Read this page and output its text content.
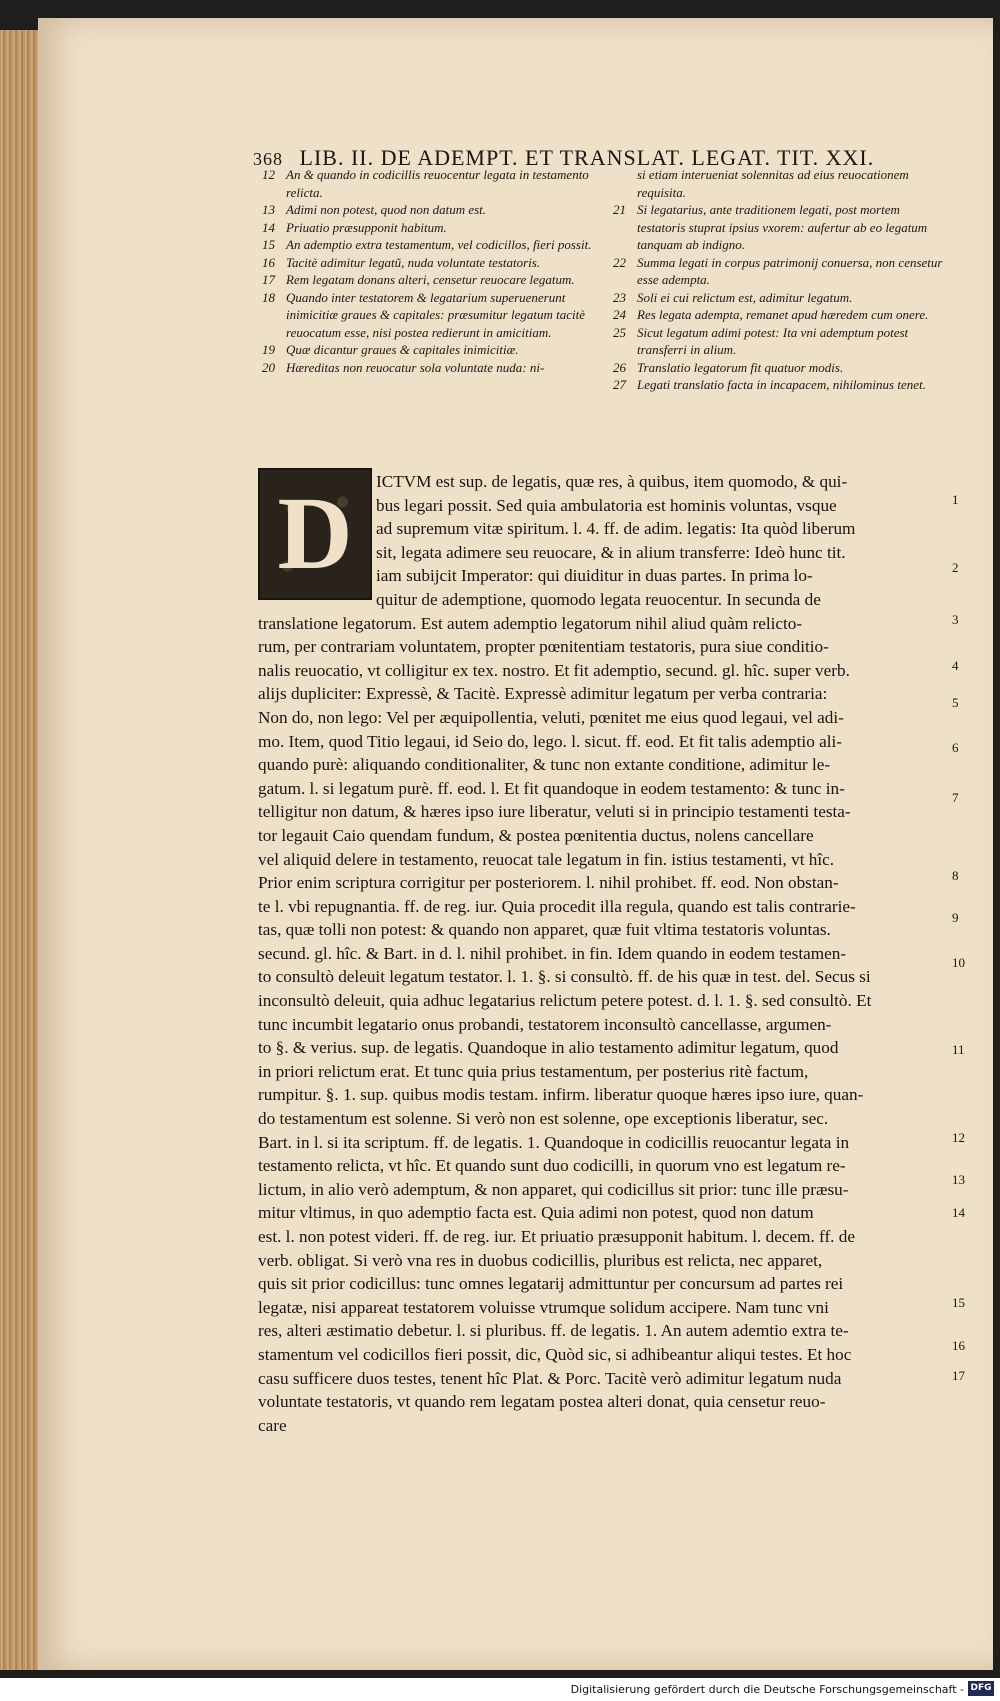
368 LIB. II. DE ADEMPT. ET TRANSLAT. LEGAT. TIT. XXI.
12 An & quando in codicillis reuocentur legata in testamento relicta.
13 Adimi non potest, quod non datum est.
14 Priuatio præsupponit habitum.
15 An ademptio extra testamentum, vel codicillos, fieri possit.
16 Tacitè adimitur legatũ, nuda voluntate testatoris.
17 Rem legatam donans alteri, censetur reuocare legatum.
18 Quando inter testatorem & legatarium superuenerunt inimicitiæ graues & capitales: præsumitur legatum tacitè reuocatum esse, nisi postea redierunt in amicitiam.
19 Quæ dicantur graues & capitales inimicitiæ.
20 Hæreditas non reuocatur sola voluntate nuda: ni-
si etiam interueniat solennitas ad eius reuocationem requisita.
21 Si legatarius, ante traditionem legati, post mortem testatoris stuprat ipsius vxorem: aufertur ab eo legatum tanquam ab indigno.
22 Summa legati in corpus patrimonij conuersa, non censetur esse adempta.
23 Soli ei cui relictum est, adimitur legatum.
24 Res legata adempta, remanet apud hæredem cum onere.
25 Sicut legatum adimi potest: Ita vni ademptum potest transferri in alium.
26 Translatio legatorum fit quatuor modis.
27 Legati translatio facta in incapacem, nihilominus tenet.
D	ICTVM est sup. de legatis, quæ res, à quibus, item quomodo, & qui-
bus legari possit. Sed quia ambulatoria est hominis voluntas, vsque
ad supremum vitæ spiritum. l. 4. ff. de adim. legatis: Ita quòd liberum
sit, legata adimere seu reuocare, & in alium transferre: Ideò hunc tit.
iam subijcit Imperator: qui diuiditur in duas partes. In prima lo-
quitur de ademptione, quomodo legata reuocentur. In secunda de
translatione legatorum. Est autem ademptio legatorum nihil aliud quàm relicto-
rum, per contrariam voluntatem, propter pœnitentiam testatoris, pura siue conditio-
nalis reuocatio, vt colligitur ex tex. nostro. Et fit ademptio, secund. gl. hîc. super verb.
alijs dupliciter: Expressè, & Tacitè. Expressè adimitur legatum per verba contraria:
Non do, non lego: Vel per æquipollentia, veluti, pœnitet me eius quod legaui, vel adi-
mo. Item, quod Titio legaui, id Seio do, lego. l. sicut. ff. eod. Et fit talis ademptio ali-
quando purè: aliquando conditionaliter, & tunc non extante conditione, adimitur le-
gatum. l. si legatum purè. ff. eod. l. Et fit quandoque in eodem testamento: & tunc in-
telligitur non datum, & hæres ipso iure liberatur, veluti si in principio testamenti testa-
tor legauit Caio quendam fundum, & postea pœnitentia ductus, nolens cancellare
vel aliquid delere in testamento, reuocat tale legatum in fin. istius testamenti, vt hîc.
Prior enim scriptura corrigitur per posteriorem. l. nihil prohibet. ff. eod. Non obstan-
te l. vbi repugnantia. ff. de reg. iur. Quia procedit illa regula, quando est talis contrarie-
tas, quæ tolli non potest: & quando non apparet, quæ fuit vltima testatoris voluntas.
secund. gl. hîc. & Bart. in d. l. nihil prohibet. in fin. Idem quando in eodem testamen-
to consultò deleuit legatum testator. l. 1. §. si consultò. ff. de his quæ in test. del. Secus si
inconsultò deleuit, quia adhuc legatarius relictum petere potest. d. l. 1. §. sed consultò. Et
tunc incumbit legatario onus probandi, testatorem inconsultò cancellasse, argumen-
to §. & verius. sup. de legatis. Quandoque in alio testamento adimitur legatum, quod
in priori relictum erat. Et tunc quia prius testamentum, per posterius ritè factum,
rumpitur. §. 1. sup. quibus modis testam. infirm. liberatur quoque hæres ipso iure, quan-
do testamentum est solenne. Si verò non est solenne, ope exceptionis liberatur, sec.
Bart. in l. si ita scriptum. ff. de legatis. 1. Quandoque in codicillis reuocantur legata in
testamento relicta, vt hîc. Et quando sunt duo codicilli, in quorum vno est legatum re-
lictum, in alio verò ademptum, & non apparet, qui codicillus sit prior: tunc ille præsu-
mitur vltimus, in quo ademptio facta est. Quia adimi non potest, quod non datum
est. l. non potest videri. ff. de reg. iur. Et priuatio præsupponit habitum. l. decem. ff. de
verb. obligat. Si verò vna res in duobus codicillis, pluribus est relicta, nec apparet,
quis sit prior codicillus: tunc omnes legatarij admittuntur per concursum ad partes rei
legatæ, nisi appareat testatorem voluisse vtrumque solidum accipere. Nam tunc vni
res, alteri æstimatio debetur. l. si pluribus. ff. de legatis. 1. An autem ademtio extra te-
stamentum vel codicillos fieri possit, dic, Quòd sic, si adhibeantur aliqui testes. Et hoc
casu sufficere duos testes, tenent hîc Plat. & Porc. Tacitè verò adimitur legatum nuda
voluntate testatoris, vt quando rem legatam postea alteri donat, quia censetur reuo-
care
1
2
3
4
5
6
7
8
9
10
11
12
13
14
15
16
17
Digitalisierung gefördert durch die Deutsche Forschungsgemeinschaft - DFG
